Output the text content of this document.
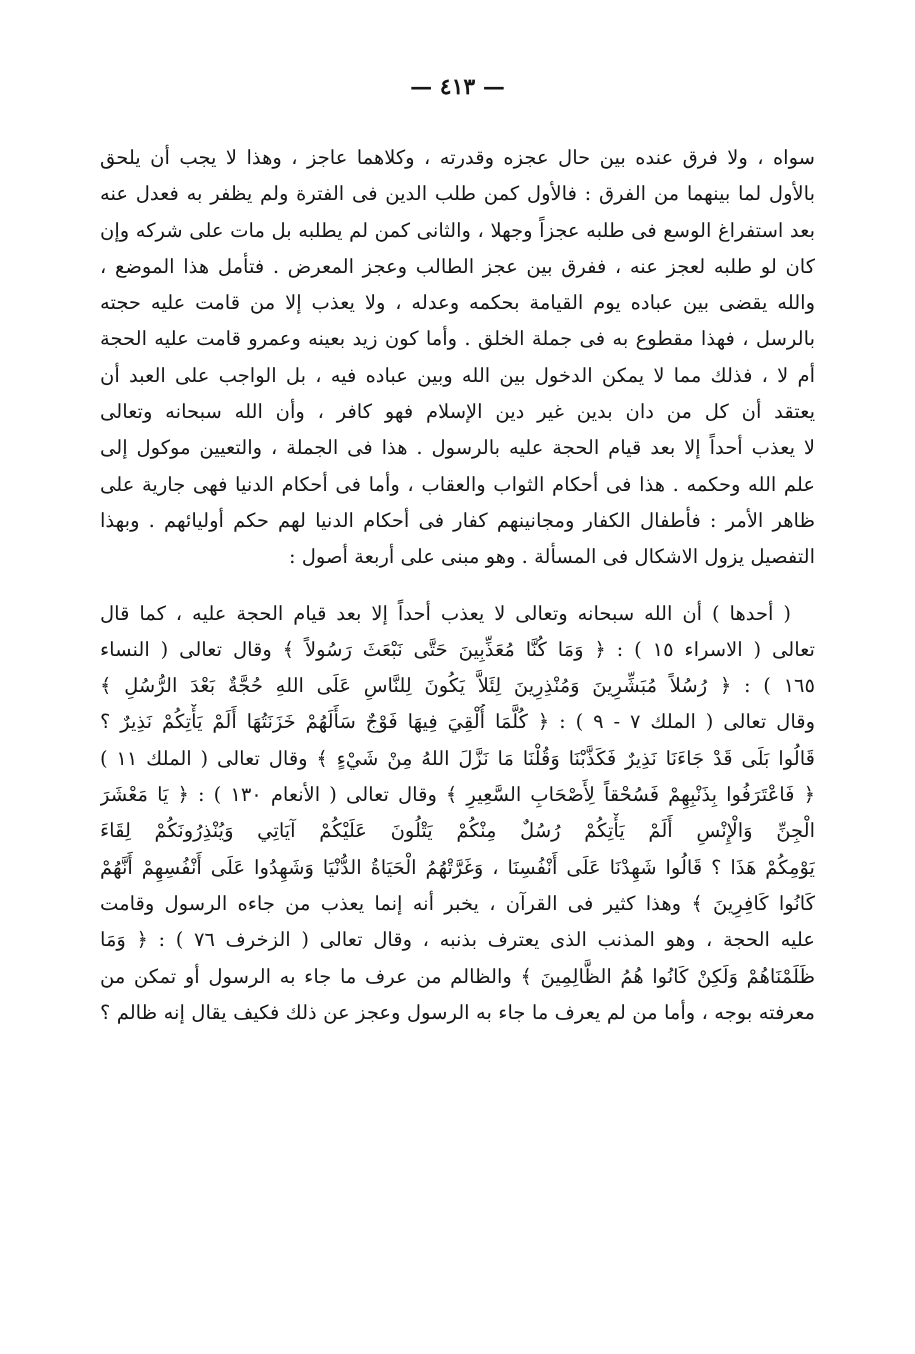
— ٤١٣ —
سواه ، ولا فرق عنده بين حال عجزه وقدرته ، وكلاهما عاجز ، وهذا لا يجب أن يلحق
بالأول لما بينهما من الفرق : فالأول كمن طلب الدين فى الفترة ولم يظفر به فعدل عنه
بعد استفراغ الوسع فى طلبه عجزاً وجهلا ، والثانى كمن لم يطلبه بل مات على شركه وإن
كان لو طلبه لعجز عنه ، ففرق بين عجز الطالب وعجز المعرض . فتأمل هذا الموضع ،
والله يقضى بين عباده يوم القيامة بحكمه وعدله ، ولا يعذب إلا من قامت عليه حجته
بالرسل ، فهذا مقطوع به فى جملة الخلق . وأما كون زيد بعينه وعمرو قامت عليه الحجة
أم لا ، فذلك مما لا يمكن الدخول بين الله وبين عباده فيه ، بل الواجب على العبد أن
يعتقد أن كل من دان بدين غير دين الإسلام فهو كافر ، وأن الله سبحانه وتعالى
لا يعذب أحداً إلا بعد قيام الحجة عليه بالرسول . هذا فى الجملة ، والتعيين موكول إلى
علم الله وحكمه . هذا فى أحكام الثواب والعقاب ، وأما فى أحكام الدنيا فهى جارية على
ظاهر الأمر : فأطفال الكفار ومجانينهم كفار فى أحكام الدنيا لهم حكم أوليائهم . وبهذا
التفصيل يزول الاشكال فى المسألة . وهو مبنى على أربعة أصول :
( أحدها ) أن الله سبحانه وتعالى لا يعذب أحداً إلا بعد قيام الحجة عليه ، كما قال
تعالى ( الاسراء ١٥ ) : ﴿ وَمَا كُنَّا مُعَذِّبِينَ حَتَّى نَبْعَثَ رَسُولاً ﴾ وقال تعالى ( النساء
١٦٥ ) : ﴿ رُسُلاً مُبَشِّرِينَ وَمُنْذِرِينَ لِئَلاَّ يَكُونَ لِلنَّاسِ عَلَى اللهِ حُجَّةٌ بَعْدَ الرُّسُلِ ﴾
وقال تعالى ( الملك ٧ - ٩ ) : ﴿ كُلَّمَا أُلْقِيَ فِيهَا فَوْجٌ سَأَلَهُمْ خَزَنَتُهَا أَلَمْ يَأْتِكُمْ نَذِيرٌ ؟
قَالُوا بَلَى قَدْ جَاءَنَا نَذِيرٌ فَكَذَّبْنَا وَقُلْنَا مَا نَزَّلَ اللهُ مِنْ شَيْءٍ ﴾ وقال تعالى ( الملك ١١ )
﴿ فَاعْتَرَفُوا بِذَنْبِهِمْ فَسُحْقاً لِأَصْحَابِ السَّعِيرِ ﴾ وقال تعالى ( الأنعام ١٣٠ ) : ﴿ يَا مَعْشَرَ
الْجِنِّ وَالْإِنْسِ أَلَمْ يَأْتِكُمْ رُسُلٌ مِنْكُمْ يَتْلُونَ عَلَيْكُمْ آيَاتِي وَيُنْذِرُونَكُمْ لِقَاءَ
يَوْمِكُمْ هَذَا ؟ قَالُوا شَهِدْنَا عَلَى أَنْفُسِنَا ، وَغَرَّتْهُمُ الْحَيَاةُ الدُّنْيَا وَشَهِدُوا عَلَى أَنْفُسِهِمْ أَنَّهُمْ
كَانُوا كَافِرِينَ ﴾ وهذا كثير فى القرآن ، يخبر أنه إنما يعذب من جاءه الرسول وقامت
عليه الحجة ، وهو المذنب الذى يعترف بذنبه ، وقال تعالى ( الزخرف ٧٦ ) : ﴿ وَمَا
ظَلَمْنَاهُمْ وَلَكِنْ كَانُوا هُمُ الظَّالِمِينَ ﴾ والظالم من عرف ما جاء به الرسول أو تمكن من
معرفته بوجه ، وأما من لم يعرف ما جاء به الرسول وعجز عن ذلك فكيف يقال إنه ظالم ؟
